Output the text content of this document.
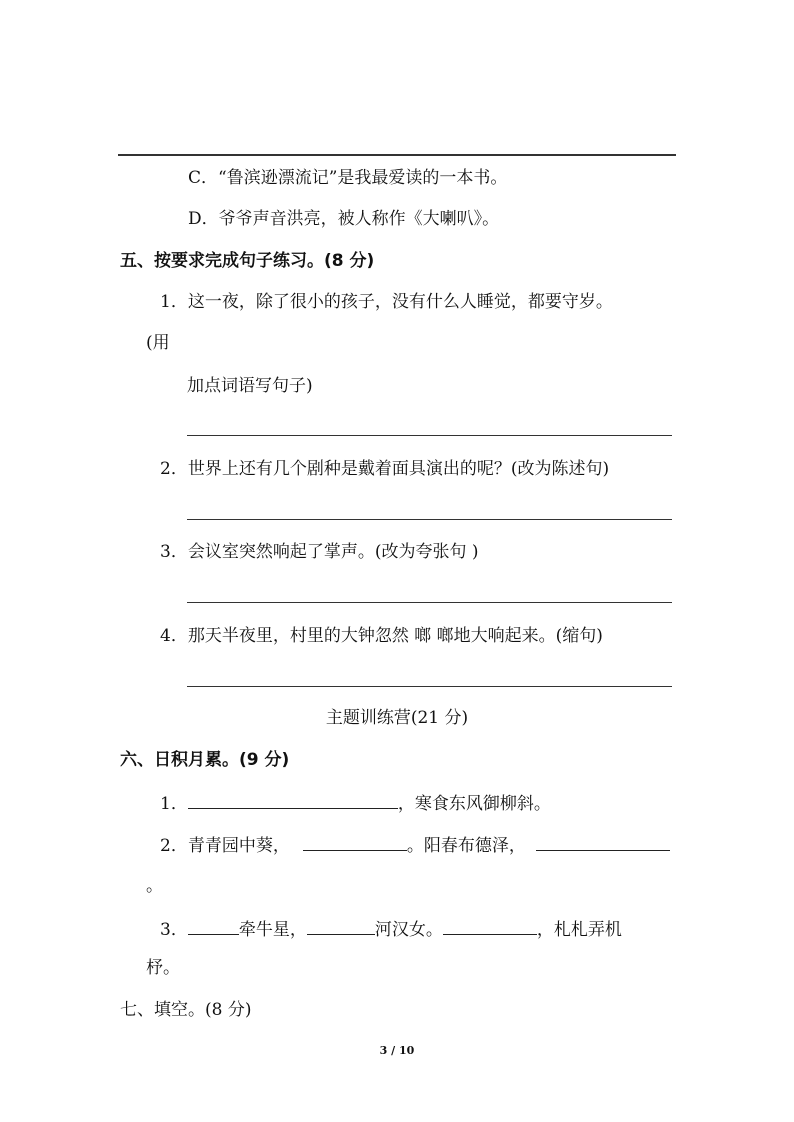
C．“鲁滨逊漂流记”是我最爱读的一本书。
D．爷爷声音洪亮，被人称作《大喇叭》。
五、按要求完成句子练习。(8 分)
1．这一夜，除了很小的孩子，没有什么人睡觉，都要守岁。
(用
加点词语写句子)
2．世界上还有几个剧种是戴着面具演出的呢？(改为陈述句)
3．会议室突然响起了掌声。(改为夸张句 )
4．那天半夜里，村里的大钟忽然 啷 啷地大响起来。(缩句)
主题训练营(21 分)
六、日积月累。(9 分)
1．	，寒食东风御柳斜。
2．青青园中葵，	。阳春布德泽，
。
3．	牵牛星，	河汉女。	，札札弄机
杼。
七、填空。(8 分)
3 / 10
